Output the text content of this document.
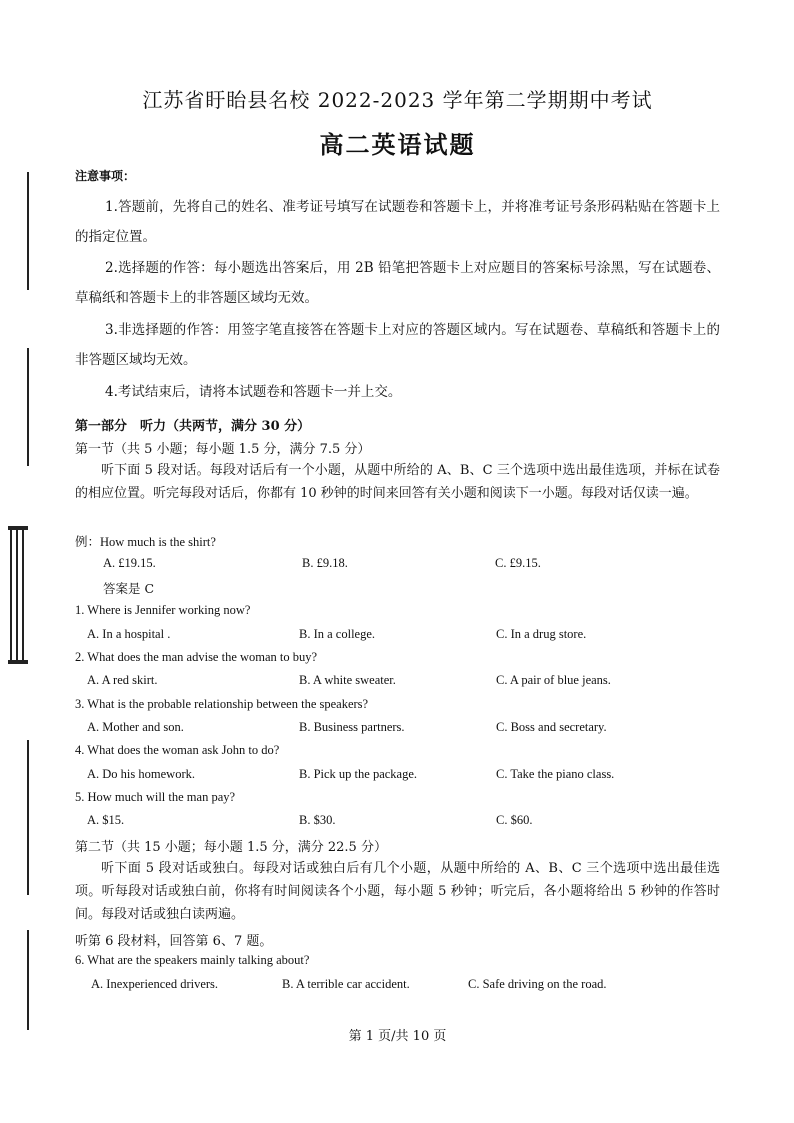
江苏省盱眙县名校 2022-2023 学年第二学期期中考试
高二英语试题
注意事项：
1.答题前，先将自己的姓名、准考证号填写在试题卷和答题卡上，并将准考证号条形码粘贴在答题卡上的指定位置。
2.选择题的作答：每小题选出答案后，用 2B 铅笔把答题卡上对应题目的答案标号涂黑，写在试题卷、草稿纸和答题卡上的非答题区域均无效。
3.非选择题的作答：用签字笔直接答在答题卡上对应的答题区域内。写在试题卷、草稿纸和答题卡上的非答题区域均无效。
4.考试结束后，请将本试题卷和答题卡一并上交。
第一部分　听力（共两节，满分 30 分）
第一节（共 5 小题；每小题 1.5 分，满分 7.5 分）
听下面 5 段对话。每段对话后有一个小题，从题中所给的 A、B、C 三个选项中选出最佳选项，并标在试卷的相应位置。听完每段对话后，你都有 10 秒钟的时间来回答有关小题和阅读下一小题。每段对话仅读一遍。
例：How much is the shirt?
A. £19.15.	B. £9.18.	C. £9.15.
答案是 C
1. Where is Jennifer working now?
A. In a hospital .	B. In a college.	C. In a drug store.
2. What does the man advise the woman to buy?
A. A red skirt.	B. A white sweater.	C. A pair of blue jeans.
3. What is the probable relationship between the speakers?
A. Mother and son.	B. Business partners.	C. Boss and secretary.
4. What does the woman ask John to do?
A. Do his homework.	B. Pick up the package.	C. Take the piano class.
5. How much will the man pay?
A. $15.	B. $30.	C. $60.
第二节（共 15 小题；每小题 1.5 分，满分 22.5 分）
听下面 5 段对话或独白。每段对话或独白后有几个小题，从题中所给的 A、B、C 三个选项中选出最佳选项。听每段对话或独白前，你将有时间阅读各个小题，每小题 5 秒钟；听完后，各小题将给出 5 秒钟的作答时间。每段对话或独白读两遍。
听第 6 段材料，回答第 6、7 题。
6. What are the speakers mainly talking about?
A. Inexperienced drivers.	B. A terrible car accident.	C. Safe driving on the road.
第 1 页/共 10 页
